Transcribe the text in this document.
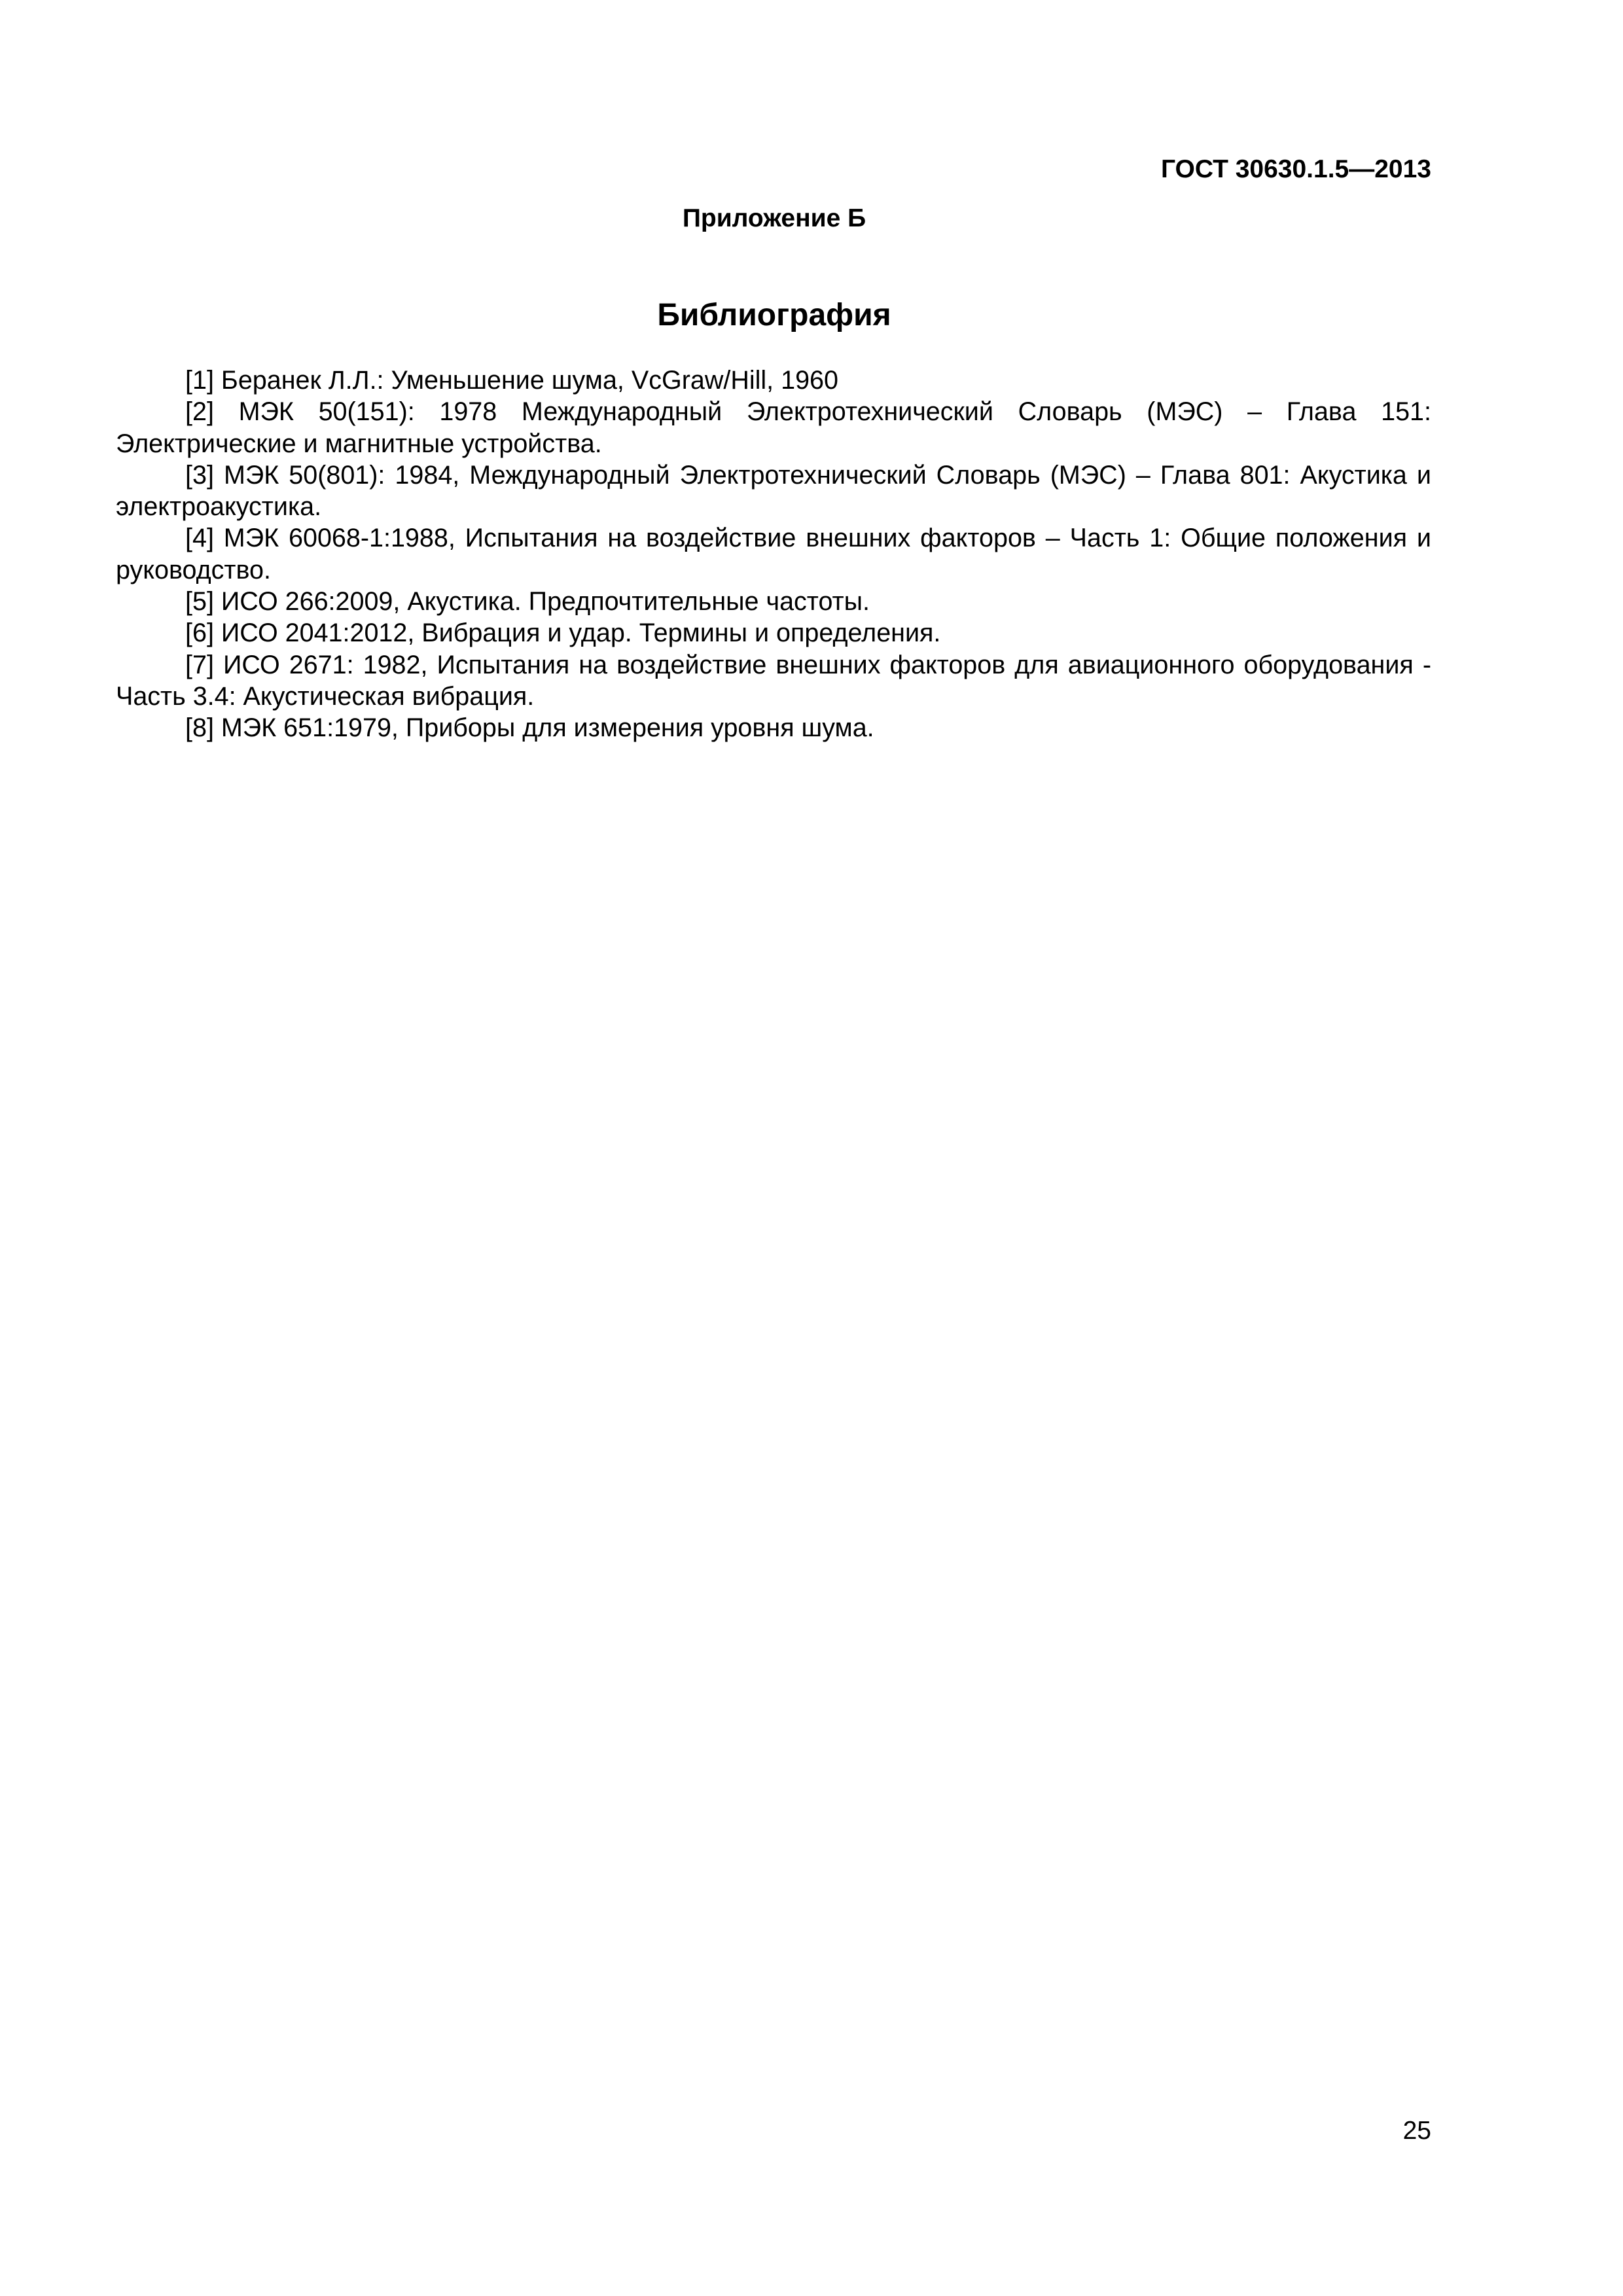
ГОСТ 30630.1.5—2013
Приложение Б
Библиография
[1] Беранек Л.Л.: Уменьшение шума, VcGraw/Hill, 1960
[2] МЭК 50(151): 1978 Международный Электротехнический Словарь (МЭС) – Глава 151: Электрические и магнитные устройства.
[3] МЭК 50(801): 1984, Международный Электротехнический Словарь (МЭС) – Глава 801: Акустика и электроакустика.
[4] МЭК 60068-1:1988, Испытания на воздействие внешних факторов – Часть 1: Общие положения и руководство.
[5] ИСО 266:2009, Акустика. Предпочтительные частоты.
[6] ИСО 2041:2012, Вибрация и удар. Термины и определения.
[7] ИСО 2671: 1982, Испытания на воздействие внешних факторов для авиационного оборудования - Часть 3.4: Акустическая вибрация.
[8] МЭК 651:1979, Приборы для измерения уровня шума.
25
